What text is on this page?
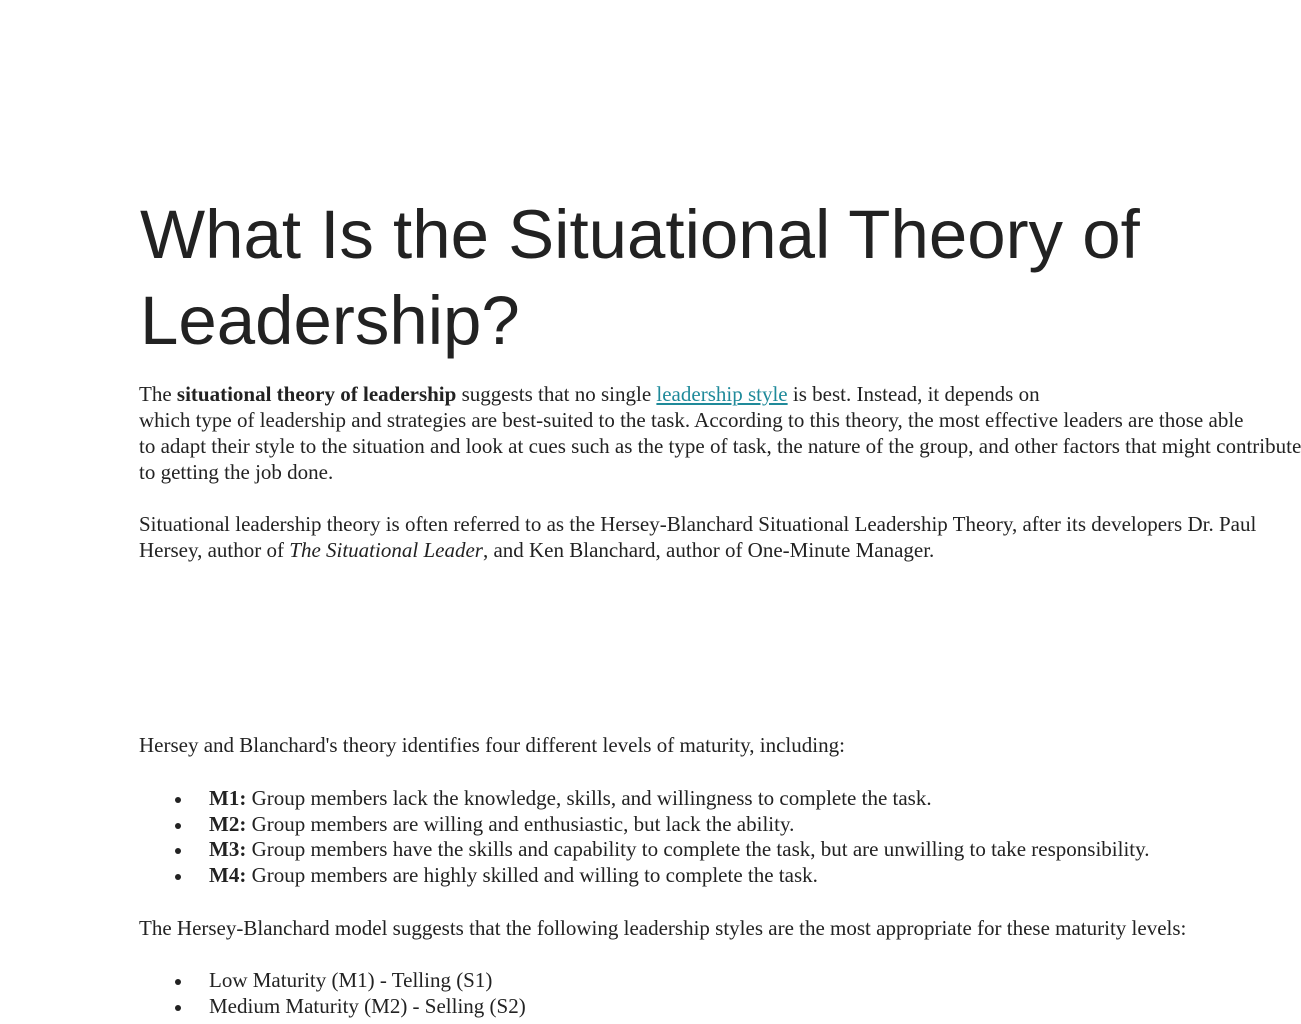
What Is the Situational Theory of
Leadership?

The situational theory of leadership suggests that no single leadership style is best. Instead, it depends on
which type of leadership and strategies are best-suited to the task. According to this theory, the most effective leaders are those able
to adapt their style to the situation and look at cues such as the type of task, the nature of the group, and other factors that might contribute
to getting the job done.

Situational leadership theory is often referred to as the Hersey-Blanchard Situational Leadership Theory, after its developers Dr. Paul
Hersey, author of The Situational Leader, and Ken Blanchard, author of One-Minute Manager.

Hersey and Blanchard's theory identifies four different levels of maturity, including:

M1: Group members lack the knowledge, skills, and willingness to complete the task.
M2: Group members are willing and enthusiastic, but lack the ability.
M3: Group members have the skills and capability to complete the task, but are unwilling to take responsibility.
M4: Group members are highly skilled and willing to complete the task.

The Hersey-Blanchard model suggests that the following leadership styles are the most appropriate for these maturity levels:

Low Maturity (M1) - Telling (S1)
Medium Maturity (M2) - Selling (S2)
